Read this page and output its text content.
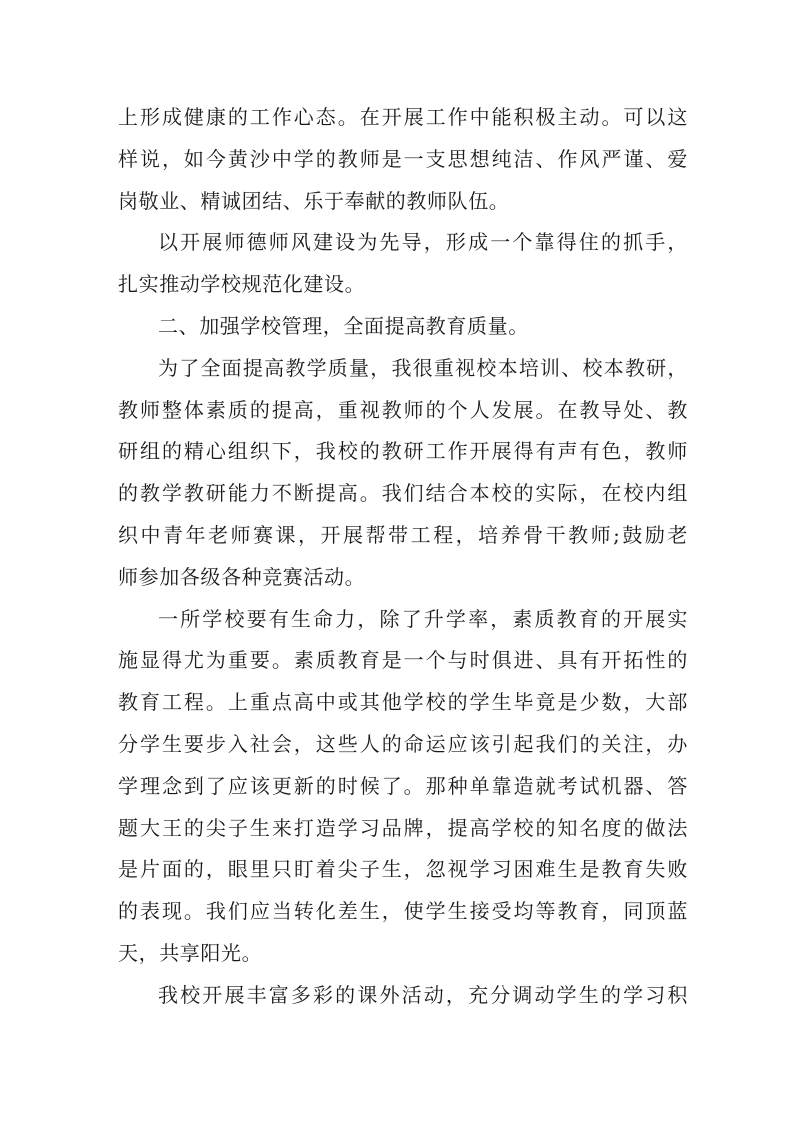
上形成健康的工作心态。在开展工作中能积极主动。可以这
样说，如今黄沙中学的教师是一支思想纯洁、作风严谨、爱
岗敬业、精诚团结、乐于奉献的教师队伍。

以开展师德师风建设为先导，形成一个靠得住的抓手，
扎实推动学校规范化建设。

二、加强学校管理，全面提高教育质量。

为了全面提高教学质量，我很重视校本培训、校本教研，
教师整体素质的提高，重视教师的个人发展。在教导处、教
研组的精心组织下，我校的教研工作开展得有声有色，教师
的教学教研能力不断提高。我们结合本校的实际，在校内组
织中青年老师赛课，开展帮带工程，培养骨干教师;鼓励老
师参加各级各种竞赛活动。

一所学校要有生命力，除了升学率，素质教育的开展实
施显得尤为重要。素质教育是一个与时俱进、具有开拓性的
教育工程。上重点高中或其他学校的学生毕竟是少数，大部
分学生要步入社会，这些人的命运应该引起我们的关注，办
学理念到了应该更新的时候了。那种单靠造就考试机器、答
题大王的尖子生来打造学习品牌，提高学校的知名度的做法
是片面的，眼里只盯着尖子生，忽视学习困难生是教育失败
的表现。我们应当转化差生，使学生接受均等教育，同顶蓝
天，共享阳光。

我校开展丰富多彩的课外活动，充分调动学生的学习积
